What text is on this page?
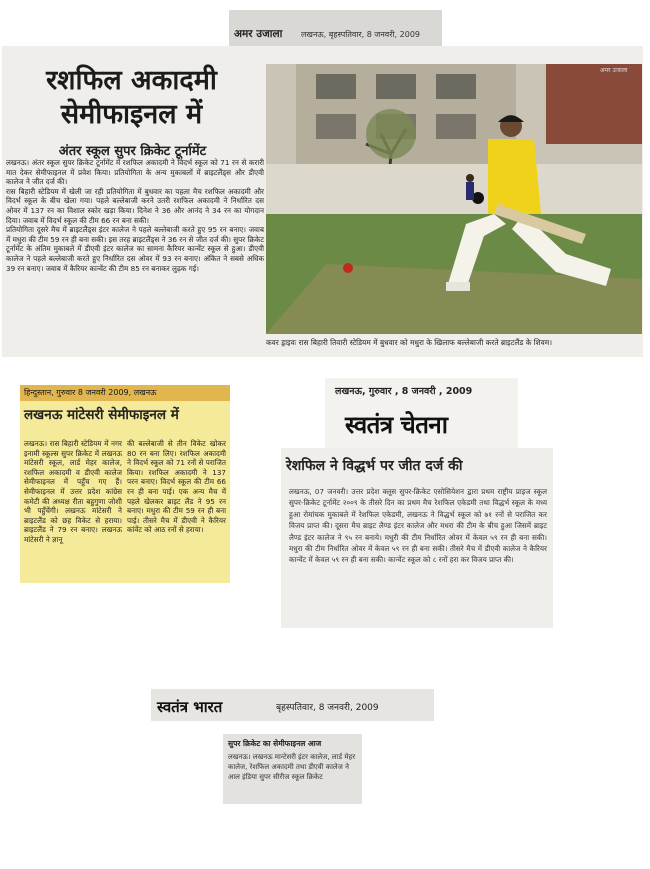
अमर उजाला लखनऊ, बृहस्पतिवार, 8 जनवरी, 2009
रशफिल अकादमी सेमीफाइनल में
अंतर स्कूल सुपर क्रिकेट टूर्नामेंट

लखनऊ। अंतर स्कूल सुपर क्रिकेट टूर्नामेंट में रशफिल अकादमी ने विदर्भ स्कूल को 71 रन से करारी मात देकर सेमीफाइनल में प्रवेश किया। प्रतियोगिता के अन्य मुकाबलों में ब्राइटलैंड्स और डीएवी कालेज ने जीत दर्ज की।

रास बिहारी स्टेडियम में खेली जा रही प्रतियोगिता में बुधवार का पहला मैच रशफिल अकादमी और विदर्भ स्कूल के बीच खेला गया। पहले बल्लेबाजी करने उतरी रशफिल अकादमी ने निर्धारित दस ओवर में 137 रन का विशाल स्कोर खड़ा किया। दिनेश ने 36 और आनंद ने 34 रन का योगदान दिया। जवाब में विदर्भ स्कूल की टीम 66 रन बना सकी।

प्रतियोगिता दूसरे मैच में ब्राइटलैंड्स इंटर कालेज ने पहले बल्लेबाजी करते हुए 95 रन बनाए। जवाब में मधुरा की टीम 59 रन ही बना सकी। इस तरह ब्राइटलैंड्स ने 36 रन से जीत दर्ज की। सुपर क्रिकेट टूर्नामेंट के अंतिम मुकाबले में डीएवी इंटर कालेज का सामना कैरियर कान्वेंट स्कूल से हुआ। डीएवी कालेज ने पहले बल्लेबाजी करते हुए निर्धारित दस ओवर में 93 रन बनाए। अंकित ने सबसे अधिक 39 रन बनाए। जवाब में कैरियर कान्वेंट की टीम 85 रन बनाकर लुढ़क गई।

अमर उजाला
कवर ड्राइवः रास बिहारी तिवारी स्टेडियम में बुधवार को मधुरा के खिलाफ बल्लेबाजी करते ब्राइटलैंड के शिवम।
हिन्दुस्तान, गुरुवार 8 जनवरी 2009, लखनऊ
लखनऊ मांटेसरी सेमीफाइनल में
लखनऊ। रास बिहारी स्टेडियम में नगर इनामी स्कूल्स सुपर क्रिकेट में लखनऊ मांटेसरी स्कूल, लार्ड मेहर कालेज, रशफिल अकादमी व डीएवी कालेज सेमीफाइनल में पहुँच गए हैं। सेमीफाइनल में उत्तर प्रदेश कांग्रेस कमेटी की अध्यक्ष रीता बहुगुणा जोशी भी पहुँचेंगी। लखनऊ मांटेसरी ने ब्राइटलैंड को छह विकेट से हराया। ब्राइटलैंड ने 79 रन बनाए। लखनऊ मांटेसरी ने ज्ञानू
की बल्लेबाजी से तीन विकेट खोकर 80 रन बना लिए। रशफिल अकादमी ने विदर्भ स्कूल को 71 रनों से पराजित किया। रशफिल अकादमी ने 137 परन बनाए। विदर्भ स्कूल की टीम 66 रन ही बना पाई। एक अन्य मैच में पहले खेलकर ब्राइट लैंड ने 95 रन बनाए। मधुरा की टीम 59 रन ही बना पाई। तीसरे मैच में डीएवी ने कैरियर कांवेंट को आठ रनों से हराया।
लखनऊ, गुरुवार , 8 जनवरी , 2009
स्वतंत्र चेतना
रेशफिल ने विद्धर्भ पर जीत दर्ज की
लखनऊ, 07 जनवरी। उत्तर प्रदेश क्लूस सुपर-क्रिकेट एसोसियेशन द्वारा प्रथम राष्ट्रीय प्राइज स्कूल सुपर-क्रिकेट टूर्नामेंट २००९ के तीसरे दिन का प्रथम मैच रेशफिल एकेडमी तथा विद्धर्भ स्कूल के मध्य हुआ रोमांचक मुकाबले में रेशफिल एकेडमी, लखनऊ ने विद्धर्भ स्कूल को ७१ रनों से पराजित कर विजय प्राप्त की। दूसरा मैच ब्राइट लैण्ड इंटर कालेज और मधरा की टीम के बीच हुआ जिसमें ब्राइट लैण्ड इंटर कालेज ने ९५ रन बनाये। मधुरी की टीम निर्धारित ओवर में केवल ५९ रन ही बना सकी। मधुरा की टीम निर्धारित ओवर में केवल ५९ रन ही बना सकी। तीसरे मैच में डीएवी कालेज ने कैरियर कान्वेंट में केवल ५९ रन ही बना सकी। कान्वेंट स्कूल को ८ रनों हरा कर विजय प्राप्त की।
स्वतंत्र भारत	बृहस्पतिवार, 8 जनवरी, 2009
सुपर क्रिकेट का सेमीफाइनल आज
लखनऊ। लखनऊ मान्टेसरी इंटर कालेज, लार्ड मेहर कालेज, रेशफिल अकादमी तथा डीएवी कालेज ने आल इंडिया सुपर सीरीज स्कूल क्रिकेट
